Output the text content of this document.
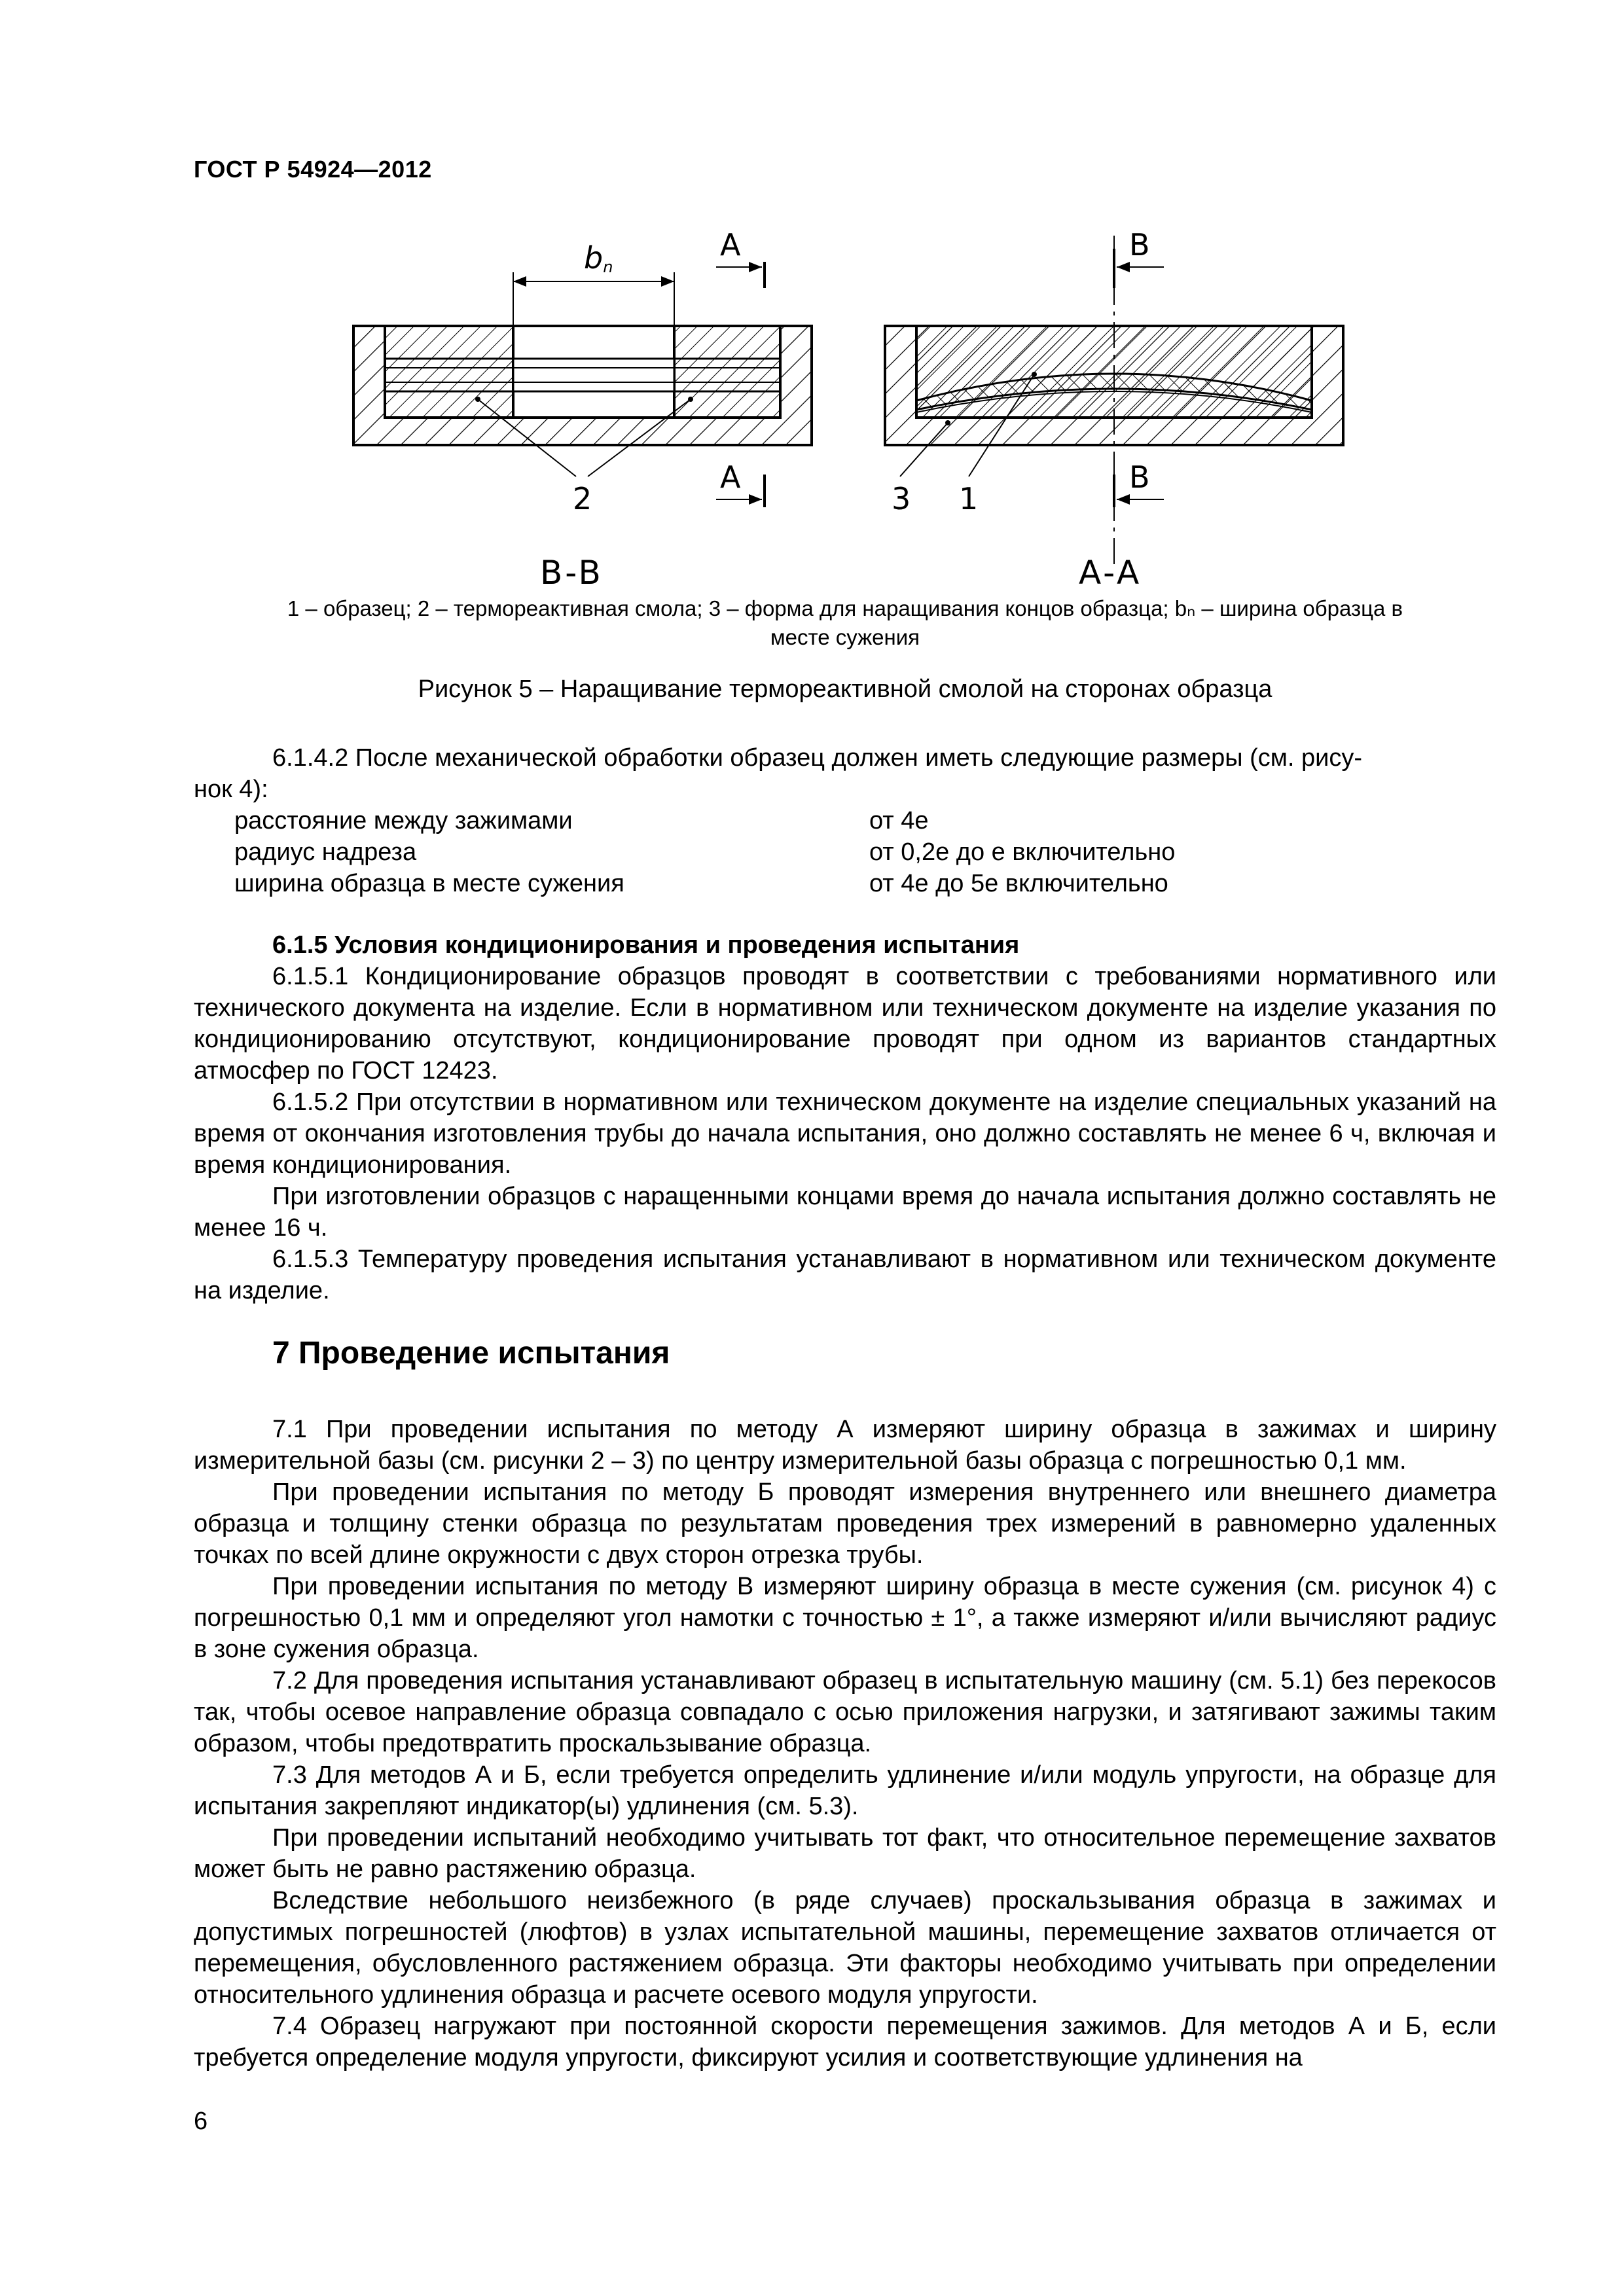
ГОСТ Р 54924—2012
bn
A
A
2
B-B
B
B
3 1
A-A
1 – образец; 2 – термореактивная смола; 3 – форма для наращивания концов образца; bₙ – ширина образца в
месте сужения
Рисунок 5 – Наращивание термореактивной смолой на сторонах образца

6.1.4.2 После механической обработки образец должен иметь следующие размеры (см. рису-

нок 4):

расстояние между зажимами	от 4e
радиус надреза	от 0,2e до e включительно
ширина образца в месте сужения	от 4e до 5e включительно

6.1.5 Условия кондиционирования и проведения испытания

6.1.5.1 Кондиционирование образцов проводят в соответствии с требованиями нормативного или технического документа на изделие. Если в нормативном или техническом документе на изделие указания по кондиционированию отсутствуют, кондиционирование проводят при одном из вариантов стандартных атмосфер по ГОСТ 12423.

6.1.5.2 При отсутствии в нормативном или техническом документе на изделие специальных указаний на время от окончания изготовления трубы до начала испытания, оно должно составлять не менее 6 ч, включая и время кондиционирования.

При изготовлении образцов с наращенными концами время до начала испытания должно составлять не менее 16 ч.

6.1.5.3 Температуру проведения испытания устанавливают в нормативном или техническом документе на изделие.

7 Проведение испытания

7.1 При проведении испытания по методу А измеряют ширину образца в зажимах и ширину измерительной базы (см. рисунки 2 – 3) по центру измерительной базы образца с погрешностью 0,1 мм.

При проведении испытания по методу Б проводят измерения внутреннего или внешнего диаметра образца и толщину стенки образца по результатам проведения трех измерений в равномерно удаленных точках по всей длине окружности с двух сторон отрезка трубы.

При проведении испытания по методу В измеряют ширину образца в месте сужения (см. рисунок 4) с погрешностью 0,1 мм и определяют угол намотки с точностью ± 1°, а также измеряют и/или вычисляют радиус в зоне сужения образца.

7.2 Для проведения испытания устанавливают образец в испытательную машину (см. 5.1) без перекосов так, чтобы осевое направление образца совпадало с осью приложения нагрузки, и затягивают зажимы таким образом, чтобы предотвратить проскальзывание образца.

7.3 Для методов А и Б, если требуется определить удлинение и/или модуль упругости, на образце для испытания закрепляют индикатор(ы) удлинения (см. 5.3).

При проведении испытаний необходимо учитывать тот факт, что относительное перемещение захватов может быть не равно растяжению образца.

Вследствие небольшого неизбежного (в ряде случаев) проскальзывания образца в зажимах и допустимых погрешностей (люфтов) в узлах испытательной машины, перемещение захватов отличается от перемещения, обусловленного растяжением образца. Эти факторы необходимо учитывать при определении относительного удлинения образца и расчете осевого модуля упругости.

7.4 Образец нагружают при постоянной скорости перемещения зажимов. Для методов А и Б, если требуется определение модуля упругости, фиксируют усилия и соответствующие удлинения на

6
